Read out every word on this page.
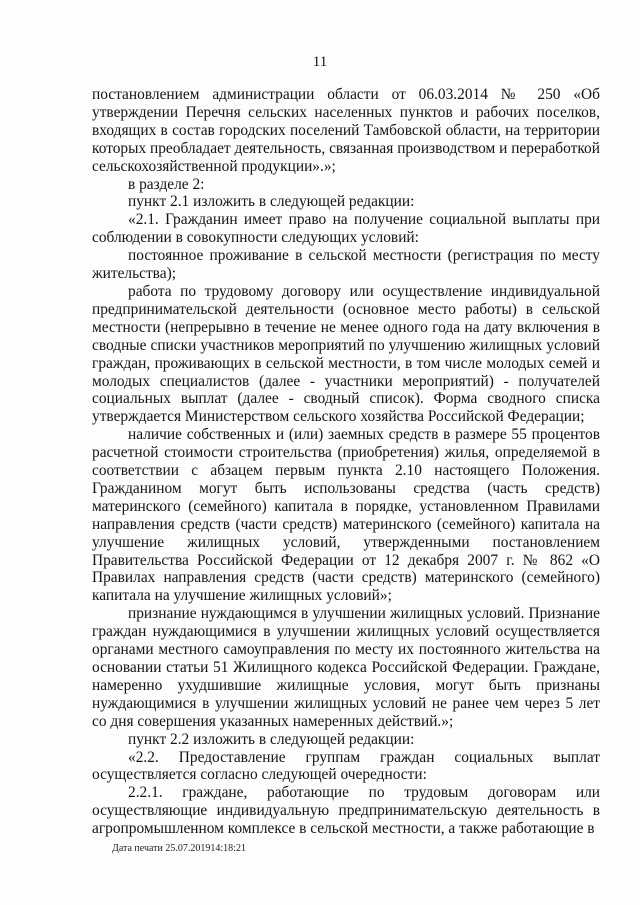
11

постановлением администрации области от 06.03.2014 № 250 «Об утверждении Перечня сельских населенных пунктов и рабочих поселков, входящих в состав городских поселений Тамбовской области, на территории которых преобладает деятельность, связанная производством и переработкой сельскохозяйственной продукции».»;

в разделе 2:

пункт 2.1 изложить в следующей редакции:

«2.1. Гражданин имеет право на получение социальной выплаты при соблюдении в совокупности следующих условий:

постоянное проживание в сельской местности (регистрация по месту жительства);

работа по трудовому договору или осуществление индивидуальной предпринимательской деятельности (основное место работы) в сельской местности (непрерывно в течение не менее одного года на дату включения в сводные списки участников мероприятий по улучшению жилищных условий граждан, проживающих в сельской местности, в том числе молодых семей и молодых специалистов (далее - участники мероприятий) - получателей социальных выплат (далее - сводный список). Форма сводного списка утверждается Министерством сельского хозяйства Российской Федерации;

наличие собственных и (или) заемных средств в размере 55 процентов расчетной стоимости строительства (приобретения) жилья, определяемой в соответствии с абзацем первым пункта 2.10 настоящего Положения. Гражданином могут быть использованы средства (часть средств) материнского (семейного) капитала в порядке, установленном Правилами направления средств (части средств) материнского (семейного) капитала на улучшение жилищных условий, утвержденными постановлением Правительства Российской Федерации от 12 декабря 2007 г. № 862 «О Правилах направления средств (части средств) материнского (семейного) капитала на улучшение жилищных условий»;

признание нуждающимся в улучшении жилищных условий. Признание граждан нуждающимися в улучшении жилищных условий осуществляется органами местного самоуправления по месту их постоянного жительства на основании статьи 51 Жилищного кодекса Российской Федерации. Граждане, намеренно ухудшившие жилищные условия, могут быть признаны нуждающимися в улучшении жилищных условий не ранее чем через 5 лет со дня совершения указанных намеренных действий.»;

пункт 2.2 изложить в следующей редакции:

«2.2. Предоставление группам граждан социальных выплат осуществляется согласно следующей очередности:

2.2.1. граждане, работающие по трудовым договорам или осуществляющие индивидуальную предпринимательскую деятельность в агропромышленном комплексе в сельской местности, а также работающие в

Дата печати 25.07.201914:18:21
